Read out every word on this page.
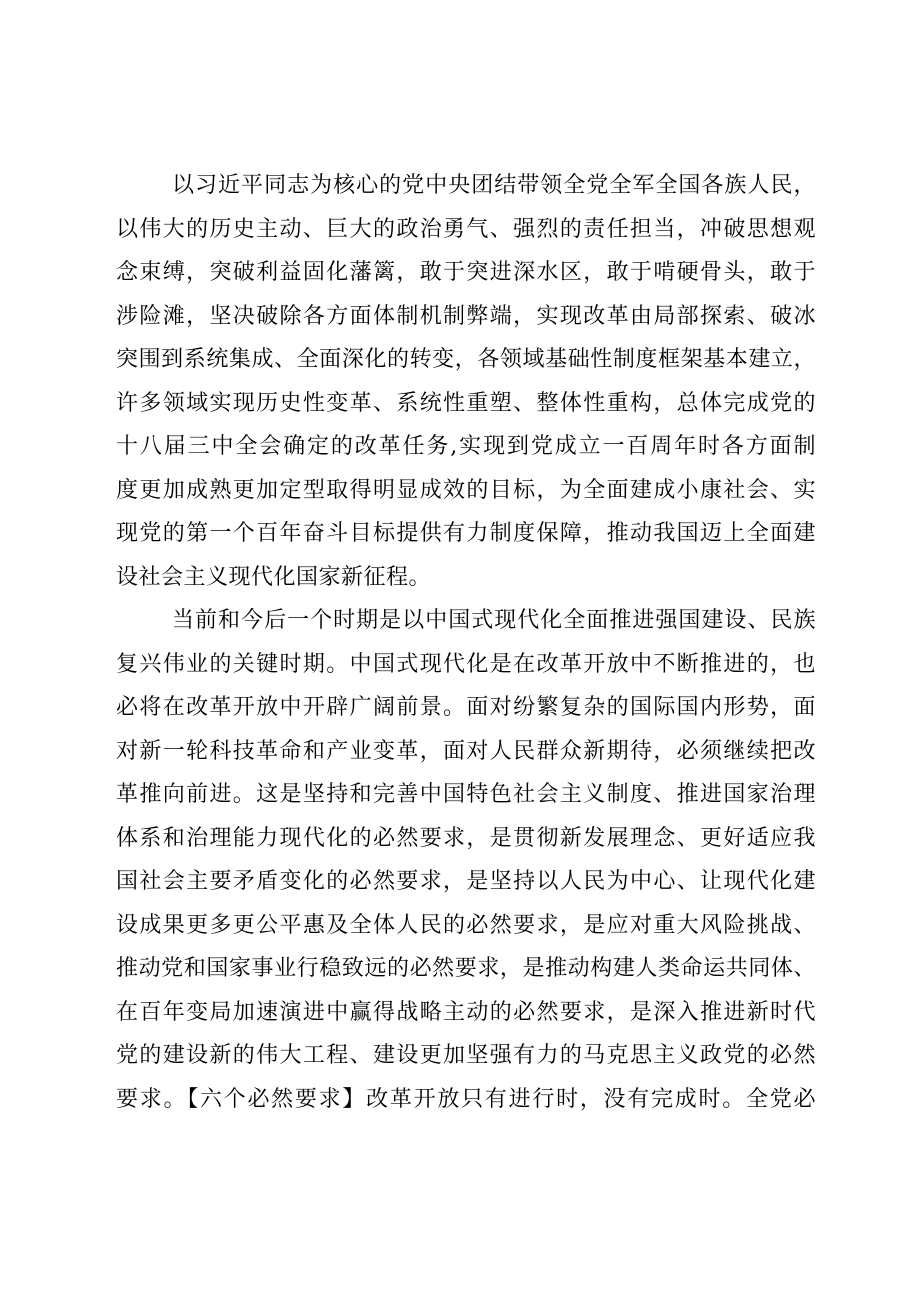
以习近平同志为核心的党中央团结带领全党全军全国各族人民，
以伟大的历史主动、巨大的政治勇气、强烈的责任担当，冲破思想观
念束缚，突破利益固化藩篱，敢于突进深水区，敢于啃硬骨头，敢于
涉险滩，坚决破除各方面体制机制弊端，实现改革由局部探索、破冰
突围到系统集成、全面深化的转变，各领域基础性制度框架基本建立，
许多领域实现历史性变革、系统性重塑、整体性重构，总体完成党的
十八届三中全会确定的改革任务,实现到党成立一百周年时各方面制
度更加成熟更加定型取得明显成效的目标，为全面建成小康社会、实
现党的第一个百年奋斗目标提供有力制度保障，推动我国迈上全面建
设社会主义现代化国家新征程。
当前和今后一个时期是以中国式现代化全面推进强国建设、民族
复兴伟业的关键时期。中国式现代化是在改革开放中不断推进的，也
必将在改革开放中开辟广阔前景。面对纷繁复杂的国际国内形势，面
对新一轮科技革命和产业变革，面对人民群众新期待，必须继续把改
革推向前进。这是坚持和完善中国特色社会主义制度、推进国家治理
体系和治理能力现代化的必然要求，是贯彻新发展理念、更好适应我
国社会主要矛盾变化的必然要求，是坚持以人民为中心、让现代化建
设成果更多更公平惠及全体人民的必然要求，是应对重大风险挑战、
推动党和国家事业行稳致远的必然要求，是推动构建人类命运共同体、
在百年变局加速演进中赢得战略主动的必然要求，是深入推进新时代
党的建设新的伟大工程、建设更加坚强有力的马克思主义政党的必然
要求。【六个必然要求】改革开放只有进行时，没有完成时。全党必
